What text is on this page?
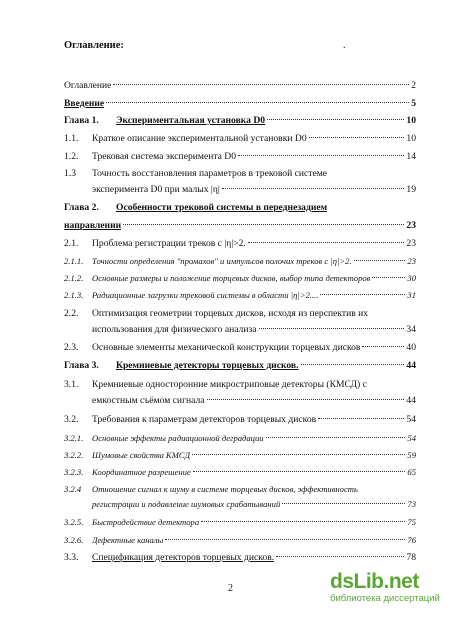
Оглавление:	.
Оглавление	2
Введение	5
Глава 1.	Экспериментальная установка D0	10
1.1.	Краткое описание экспериментальной установки D0	10
1.2.	Трековая система эксперимента D0	14
1.3	Точность восстановления параметров в трековой системе
эксперимента D0 при малых |η|	19
Глава 2.	Особенности трековой системы в переднезадием
направлении	23
2.1.	Проблема регистрации треков с |η|>2.	23
2.1.1.	Точности определения "промахов" и импульсов полочих треков с |η|>2.	23
2.1.2.	Основные размеры и положение торцевых дисков, выбор типа детекторов	30
2.1.3.	Радиационные загрузки трековой системы в области |η|>2....	31
2.2.	Оптимизация геометрии торцевых дисков, исходя из перспектив их
использования для физического анализа	34
2.3.	Основные элементы механической конструкции торцевых дисков	40
Глава 3.	Кремниевые детекторы торцевых дисков.	44
3.1.	Кремниевые односторонние микростриповые детекторы (КМСД) с
емкостным съёмом сигнала	44
3.2.	Требования к параметрам детекторов торцевых дисков	54
3.2.1.	Основные эффекты радиационной деградации	54
3.2.2.	Шумовые свойства КМСД	59
3.2.3.	Координатное разрешение	65
3.2.4	Отношение сигнал к шуму в системе торцевых дисков, эффективность
регистрации и подавление шумовых срабатываний	73
3.2.5.	Быстродействие детектора	75
3.2.6.	Дефектные каналы	76
3.3.	Спецификация детекторов торцевых дисков.	78
2	dsLib.net
библиотека диссертаций
